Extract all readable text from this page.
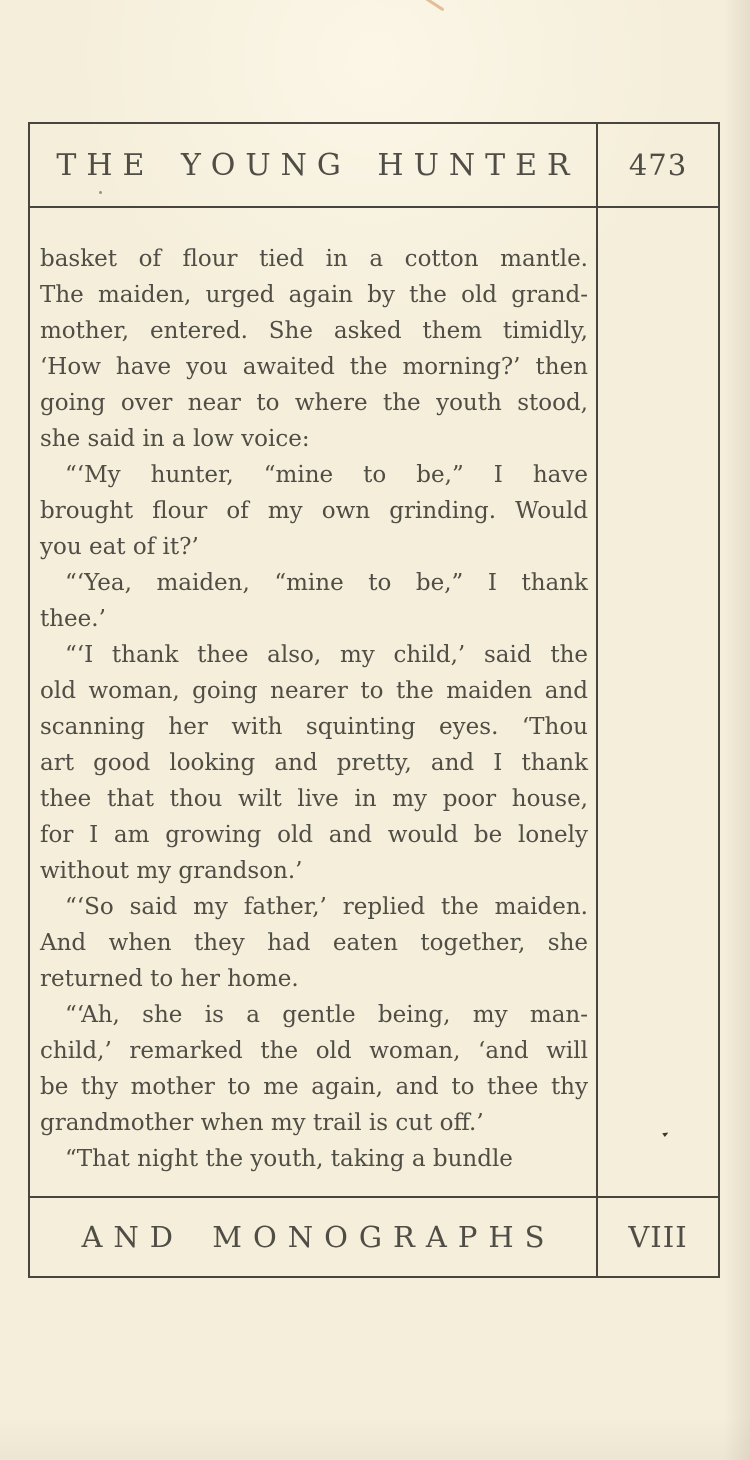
THE YOUNG HUNTER 473
basket of flour tied in a cotton mantle.
The maiden, urged again by the old grand-
mother, entered. She asked them timidly,
‘How have you awaited the morning?’ then
going over near to where the youth stood,
she said in a low voice:
“‘My hunter, “mine to be,” I have
brought flour of my own grinding. Would
you eat of it?’
“‘Yea, maiden, “mine to be,” I thank
thee.’
“‘I thank thee also, my child,’ said the
old woman, going nearer to the maiden and
scanning her with squinting eyes. ‘Thou
art good looking and pretty, and I thank
thee that thou wilt live in my poor house,
for I am growing old and would be lonely
without my grandson.’
“‘So said my father,’ replied the maiden.
And when they had eaten together, she
returned to her home.
“‘Ah, she is a gentle being, my man-
child,’ remarked the old woman, ‘and will
be thy mother to me again, and to thee thy
grandmother when my trail is cut off.’
“That night the youth, taking a bundle
AND MONOGRAPHS	VIII
